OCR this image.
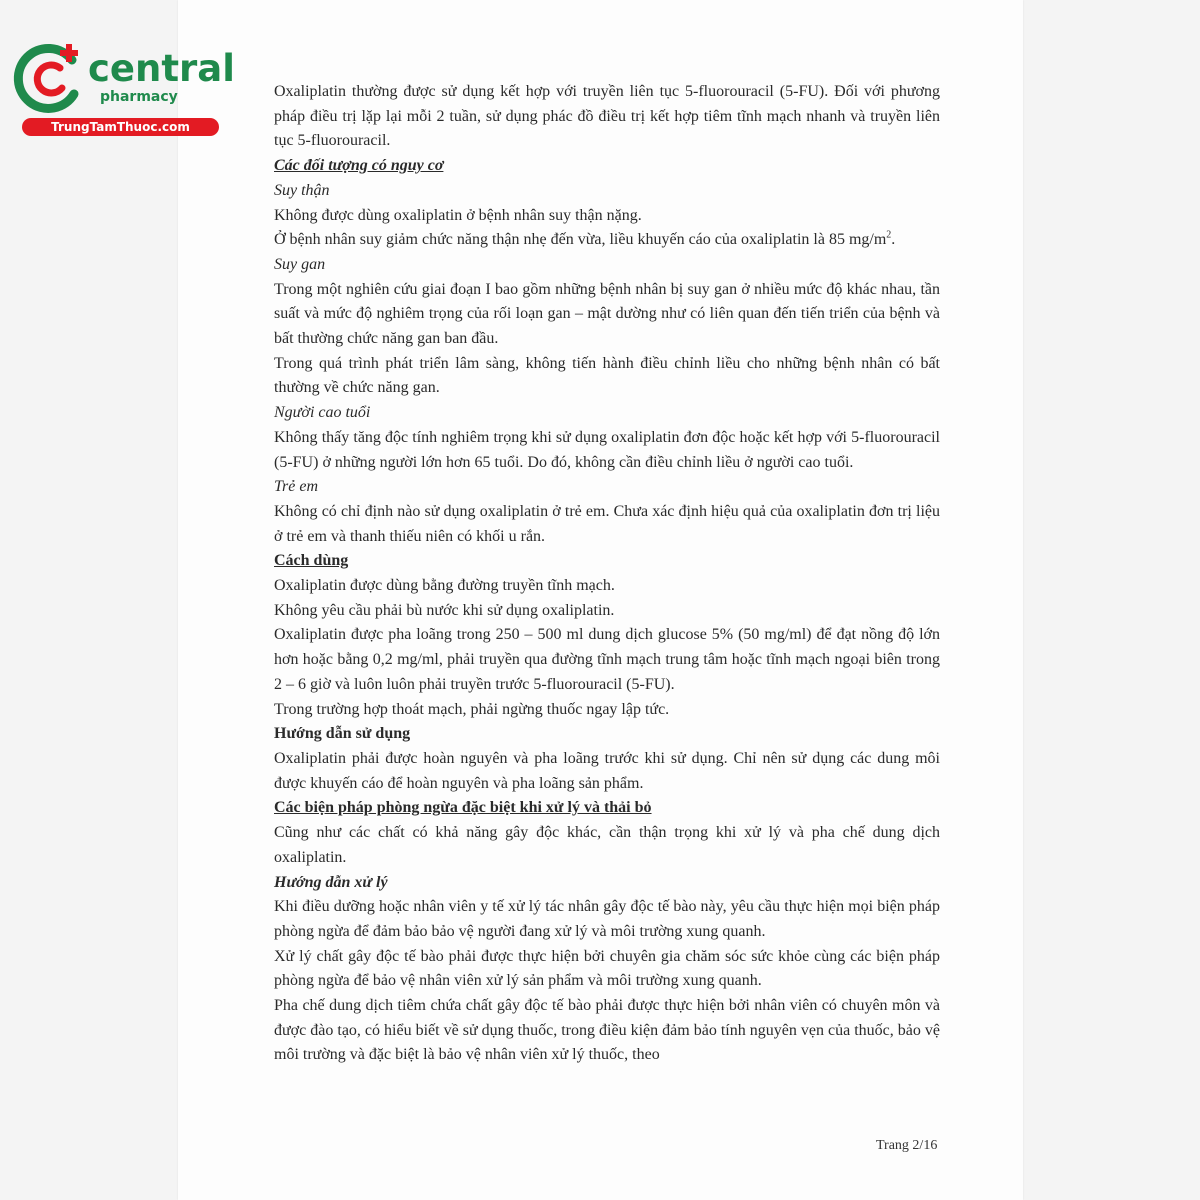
central
pharmacy
TrungTamThuoc.com

Oxaliplatin thường được sử dụng kết hợp với truyền liên tục 5-fluorouracil (5-FU). Đối với phương pháp điều trị lặp lại mỗi 2 tuần, sử dụng phác đồ điều trị kết hợp tiêm tĩnh mạch nhanh và truyền liên tục 5-fluorouracil.

Các đối tượng có nguy cơ

Suy thận

Không được dùng oxaliplatin ở bệnh nhân suy thận nặng.

Ở bệnh nhân suy giảm chức năng thận nhẹ đến vừa, liều khuyến cáo của oxaliplatin là 85 $mg/m^2$.

Suy gan

Trong một nghiên cứu giai đoạn I bao gồm những bệnh nhân bị suy gan ở nhiều mức độ khác nhau, tần suất và mức độ nghiêm trọng của rối loạn gan – mật dường như có liên quan đến tiến triển của bệnh và bất thường chức năng gan ban đầu.

Trong quá trình phát triển lâm sàng, không tiến hành điều chỉnh liều cho những bệnh nhân có bất thường về chức năng gan.

Người cao tuổi

Không thấy tăng độc tính nghiêm trọng khi sử dụng oxaliplatin đơn độc hoặc kết hợp với 5-fluorouracil (5-FU) ở những người lớn hơn 65 tuổi. Do đó, không cần điều chỉnh liều ở người cao tuổi.

Trẻ em

Không có chỉ định nào sử dụng oxaliplatin ở trẻ em. Chưa xác định hiệu quả của oxaliplatin đơn trị liệu ở trẻ em và thanh thiếu niên có khối u rắn.

Cách dùng

Oxaliplatin được dùng bằng đường truyền tĩnh mạch.

Không yêu cầu phải bù nước khi sử dụng oxaliplatin.

Oxaliplatin được pha loãng trong 250 – 500 ml dung dịch glucose 5% (50 mg/ml) để đạt nồng độ lớn hơn hoặc bằng 0,2 mg/ml, phải truyền qua đường tĩnh mạch trung tâm hoặc tĩnh mạch ngoại biên trong 2 – 6 giờ và luôn luôn phải truyền trước 5-fluorouracil (5-FU).

Trong trường hợp thoát mạch, phải ngừng thuốc ngay lập tức.

Hướng dẫn sử dụng

Oxaliplatin phải được hoàn nguyên và pha loãng trước khi sử dụng. Chỉ nên sử dụng các dung môi được khuyến cáo để hoàn nguyên và pha loãng sản phẩm.

Các biện pháp phòng ngừa đặc biệt khi xử lý và thải bỏ

Cũng như các chất có khả năng gây độc khác, cần thận trọng khi xử lý và pha chế dung dịch oxaliplatin.

Hướng dẫn xử lý

Khi điều dưỡng hoặc nhân viên y tế xử lý tác nhân gây độc tế bào này, yêu cầu thực hiện mọi biện pháp phòng ngừa để đảm bảo bảo vệ người đang xử lý và môi trường xung quanh.

Xử lý chất gây độc tế bào phải được thực hiện bởi chuyên gia chăm sóc sức khỏe cùng các biện pháp phòng ngừa để bảo vệ nhân viên xử lý sản phẩm và môi trường xung quanh.

Pha chế dung dịch tiêm chứa chất gây độc tế bào phải được thực hiện bởi nhân viên có chuyên môn và được đào tạo, có hiểu biết về sử dụng thuốc, trong điều kiện đảm bảo tính nguyên vẹn của thuốc, bảo vệ môi trường và đặc biệt là bảo vệ nhân viên xử lý thuốc, theo

Trang 2/16
